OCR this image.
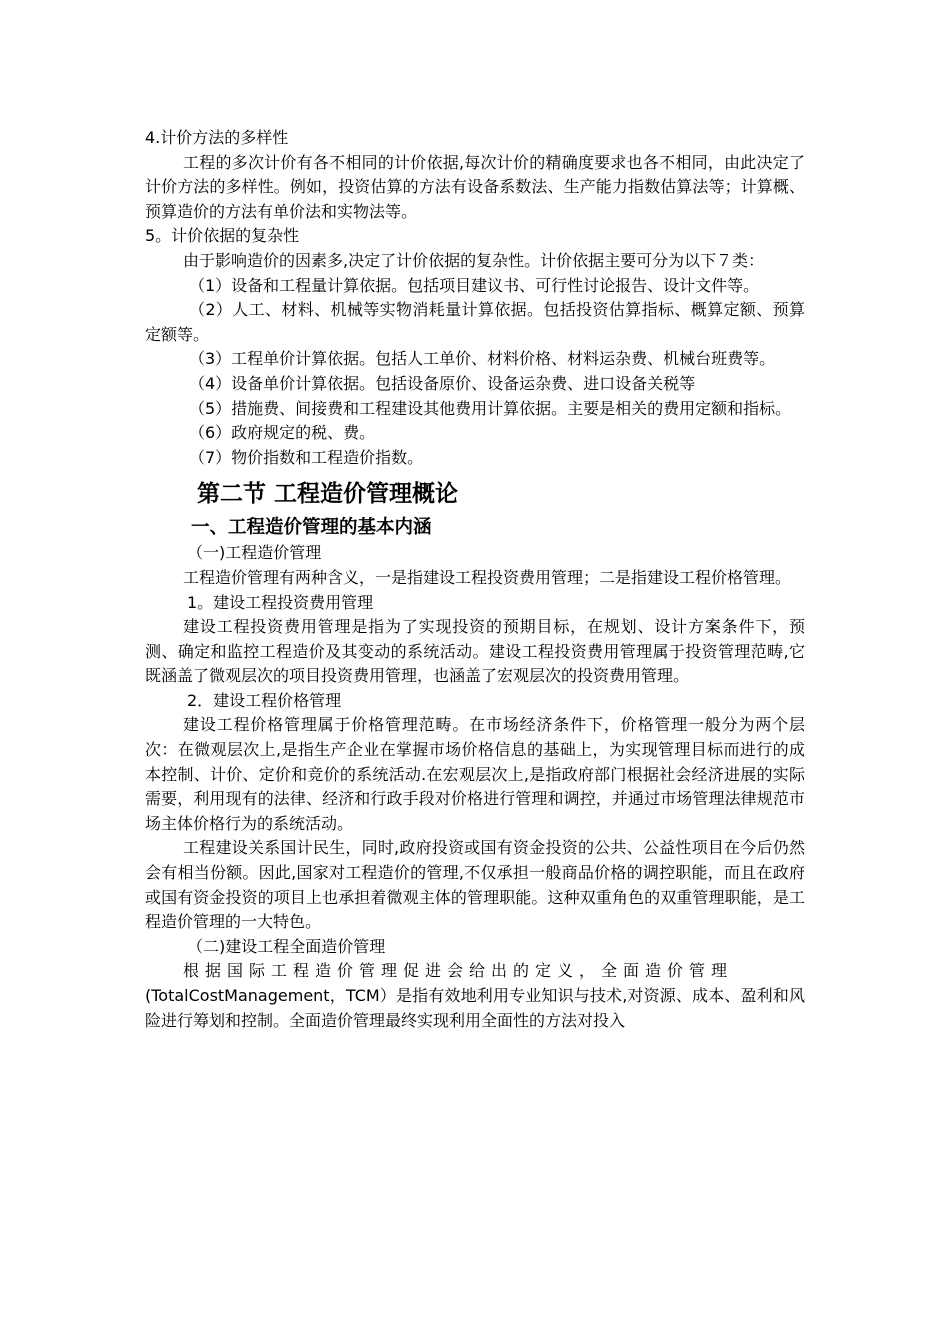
4.计价方法的多样性

工程的多次计价有各不相同的计价依据,每次计价的精确度要求也各不相同，由此决定了计价方法的多样性。例如，投资估算的方法有设备系数法、生产能力指数估算法等；计算概、预算造价的方法有单价法和实物法等。

5。计价依据的复杂性

由于影响造价的因素多,决定了计价依据的复杂性。计价依据主要可分为以下７类：

（1）设备和工程量计算依据。包括项目建议书、可行性讨论报告、设计文件等。

（2）人工、材料、机械等实物消耗量计算依据。包括投资估算指标、概算定额、预算定额等。

（3）工程单价计算依据。包括人工单价、材料价格、材料运杂费、机械台班费等。

（4）设备单价计算依据。包括设备原价、设备运杂费、进口设备关税等

（5）措施费、间接费和工程建设其他费用计算依据。主要是相关的费用定额和指标。

（6）政府规定的税、费。

（7）物价指数和工程造价指数。

第二节 工程造价管理概论
一、工程造价管理的基本内涵

（一)工程造价管理

工程造价管理有两种含义，一是指建设工程投资费用管理；二是指建设工程价格管理。

1。建设工程投资费用管理

建设工程投资费用管理是指为了实现投资的预期目标，在规划、设计方案条件下，预测、确定和监控工程造价及其变动的系统活动。建设工程投资费用管理属于投资管理范畴,它既涵盖了微观层次的项目投资费用管理，也涵盖了宏观层次的投资费用管理。

2．建设工程价格管理

建设工程价格管理属于价格管理范畴。在市场经济条件下，价格管理一般分为两个层次：在微观层次上,是指生产企业在掌握市场价格信息的基础上，为实现管理目标而进行的成本控制、计价、定价和竞价的系统活动.在宏观层次上,是指政府部门根据社会经济进展的实际需要，利用现有的法律、经济和行政手段对价格进行管理和调控，并通过市场管理法律规范市场主体价格行为的系统活动。

工程建设关系国计民生，同时,政府投资或国有资金投资的公共、公益性项目在今后仍然会有相当份额。因此,国家对工程造价的管理,不仅承担一般商品价格的调控职能，而且在政府或国有资金投资的项目上也承担着微观主体的管理职能。这种双重角色的双重管理职能，是工程造价管理的一大特色。

（二)建设工程全面造价管理

根据国际工程造价管理促进会给出的定义，全面造价管理

(TotalCostManagement，TCM）是指有效地利用专业知识与技术,对资源、成本、盈利和风险进行筹划和控制。全面造价管理最终实现利用全面性的方法对投入
